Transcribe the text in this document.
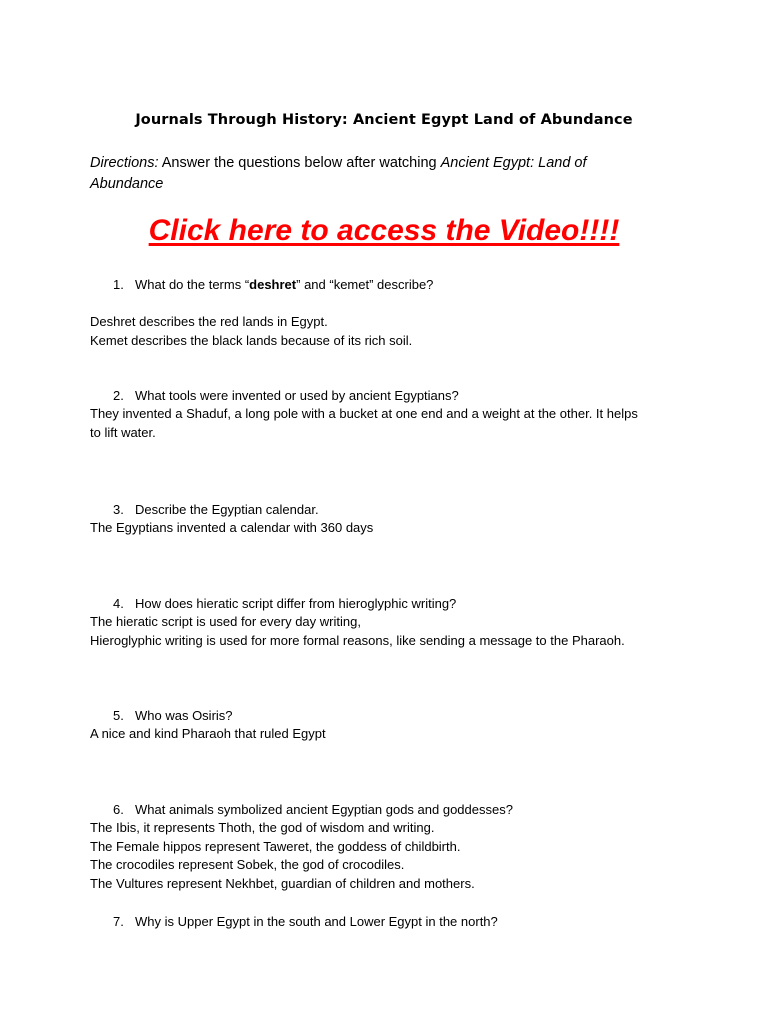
Journals Through History: Ancient Egypt Land of Abundance
Directions: Answer the questions below after watching Ancient Egypt: Land of Abundance
Click here to access the Video!!!!
1. What do the terms “deshret” and “kemet” describe?
Deshret describes the red lands in Egypt.
Kemet describes the black lands because of its rich soil.
2. What tools were invented or used by ancient Egyptians?
They invented a Shaduf, a long pole with a bucket at one end and a weight at the other. It helps
to lift water.
3. Describe the Egyptian calendar.
The Egyptians invented a calendar with 360 days
4. How does hieratic script differ from hieroglyphic writing?
The hieratic script is used for every day writing,
Hieroglyphic writing is used for more formal reasons, like sending a message to the Pharaoh.
5. Who was Osiris?
A nice and kind Pharaoh that ruled Egypt
6. What animals symbolized ancient Egyptian gods and goddesses?
The Ibis, it represents Thoth, the god of wisdom and writing.
The Female hippos represent Taweret, the goddess of childbirth.
The crocodiles represent Sobek, the god of crocodiles.
The Vultures represent Nekhbet, guardian of children and mothers.
7. Why is Upper Egypt in the south and Lower Egypt in the north?
